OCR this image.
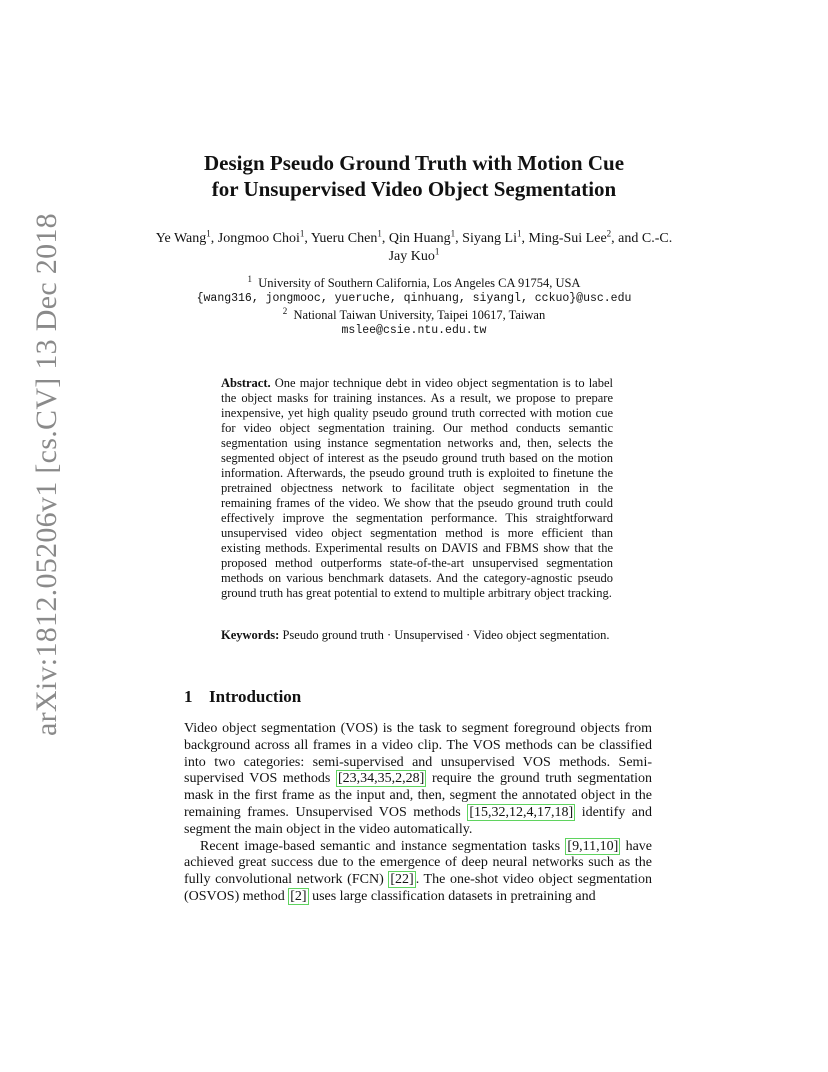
arXiv:1812.05206v1 [cs.CV] 13 Dec 2018
Design Pseudo Ground Truth with Motion Cue
for Unsupervised Video Object Segmentation
Ye Wang$^1$, Jongmoo Choi$^1$, Yueru Chen$^1$, Qin Huang$^1$, Siyang Li$^1$, Ming-Sui Lee$^2$, and C.-C. Jay Kuo$^1$
$^1$ University of Southern California, Los Angeles CA 91754, USA
{wang316, jongmooc, yueruche, qinhuang, siyangl, cckuo}@usc.edu
$^2$ National Taiwan University, Taipei 10617, Taiwan
mslee@csie.ntu.edu.tw
Abstract. One major technique debt in video object segmentation is to label the object masks for training instances. As a result, we propose to prepare inexpensive, yet high quality pseudo ground truth corrected with motion cue for video object segmentation training. Our method conducts semantic segmentation using instance segmentation networks and, then, selects the segmented object of interest as the pseudo ground truth based on the motion information. Afterwards, the pseudo ground truth is exploited to finetune the pretrained objectness network to facilitate object segmentation in the remaining frames of the video. We show that the pseudo ground truth could effectively improve the segmentation performance. This straightforward unsupervised video object segmentation method is more efficient than existing methods. Experimental results on DAVIS and FBMS show that the proposed method outperforms state-of-the-art unsupervised segmentation methods on various benchmark datasets. And the category-agnostic pseudo ground truth has great potential to extend to multiple arbitrary object tracking.
Keywords: Pseudo ground truth · Unsupervised · Video object segmentation.
1 Introduction

Video object segmentation (VOS) is the task to segment foreground objects from background across all frames in a video clip. The VOS methods can be classified into two categories: semi-supervised and unsupervised VOS methods. Semi-supervised VOS methods [23,34,35,2,28] require the ground truth segmentation mask in the first frame as the input and, then, segment the annotated object in the remaining frames. Unsupervised VOS methods [15,32,12,4,17,18] identify and segment the main object in the video automatically.

Recent image-based semantic and instance segmentation tasks [9,11,10] have achieved great success due to the emergence of deep neural networks such as the fully convolutional network (FCN) [22] . The one-shot video object segmentation (OSVOS) method [2] uses large classification datasets in pretraining and
